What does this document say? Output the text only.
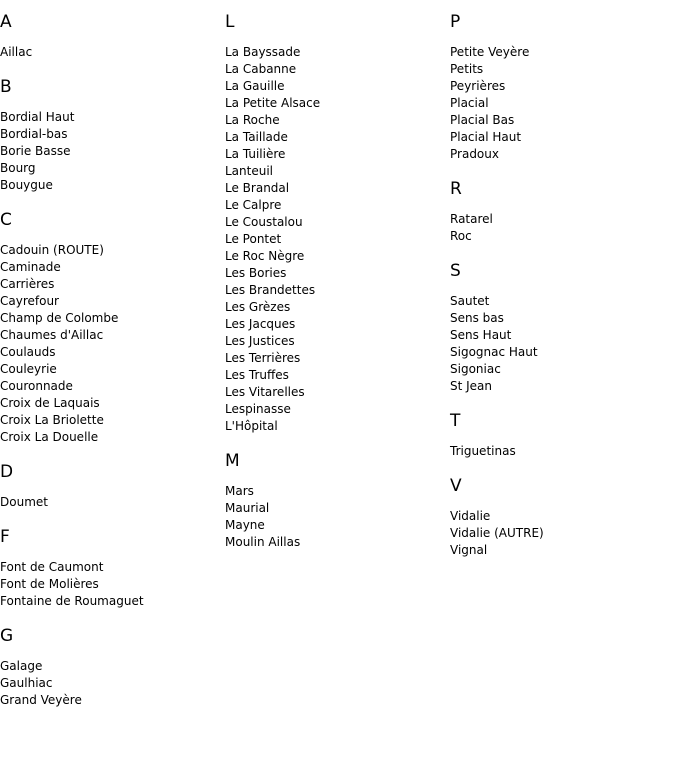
A
Aillac
B
Bordial Haut
Bordial-bas
Borie Basse
Bourg
Bouygue
C
Cadouin (ROUTE)
Caminade
Carrières
Cayrefour
Champ de Colombe
Chaumes d'Aillac
Coulauds
Couleyrie
Couronnade
Croix de Laquais
Croix La Briolette
Croix La Douelle
D
Doumet
F
Font de Caumont
Font de Molières
Fontaine de Roumaguet
G
Galage
Gaulhiac
Grand Veyère
L
La Bayssade
La Cabanne
La Gauille
La Petite Alsace
La Roche
La Taillade
La Tuilière
Lanteuil
Le Brandal
Le Calpre
Le Coustalou
Le Pontet
Le Roc Nègre
Les Bories
Les Brandettes
Les Grèzes
Les Jacques
Les Justices
Les Terrières
Les Truffes
Les Vitarelles
Lespinasse
L'Hôpital
M
Mars
Maurial
Mayne
Moulin Aillas
P
Petite Veyère
Petits
Peyrières
Placial
Placial Bas
Placial Haut
Pradoux
R
Ratarel
Roc
S
Sautet
Sens bas
Sens Haut
Sigognac Haut
Sigoniac
St Jean
T
Triguetinas
V
Vidalie
Vidalie (AUTRE)
Vignal
